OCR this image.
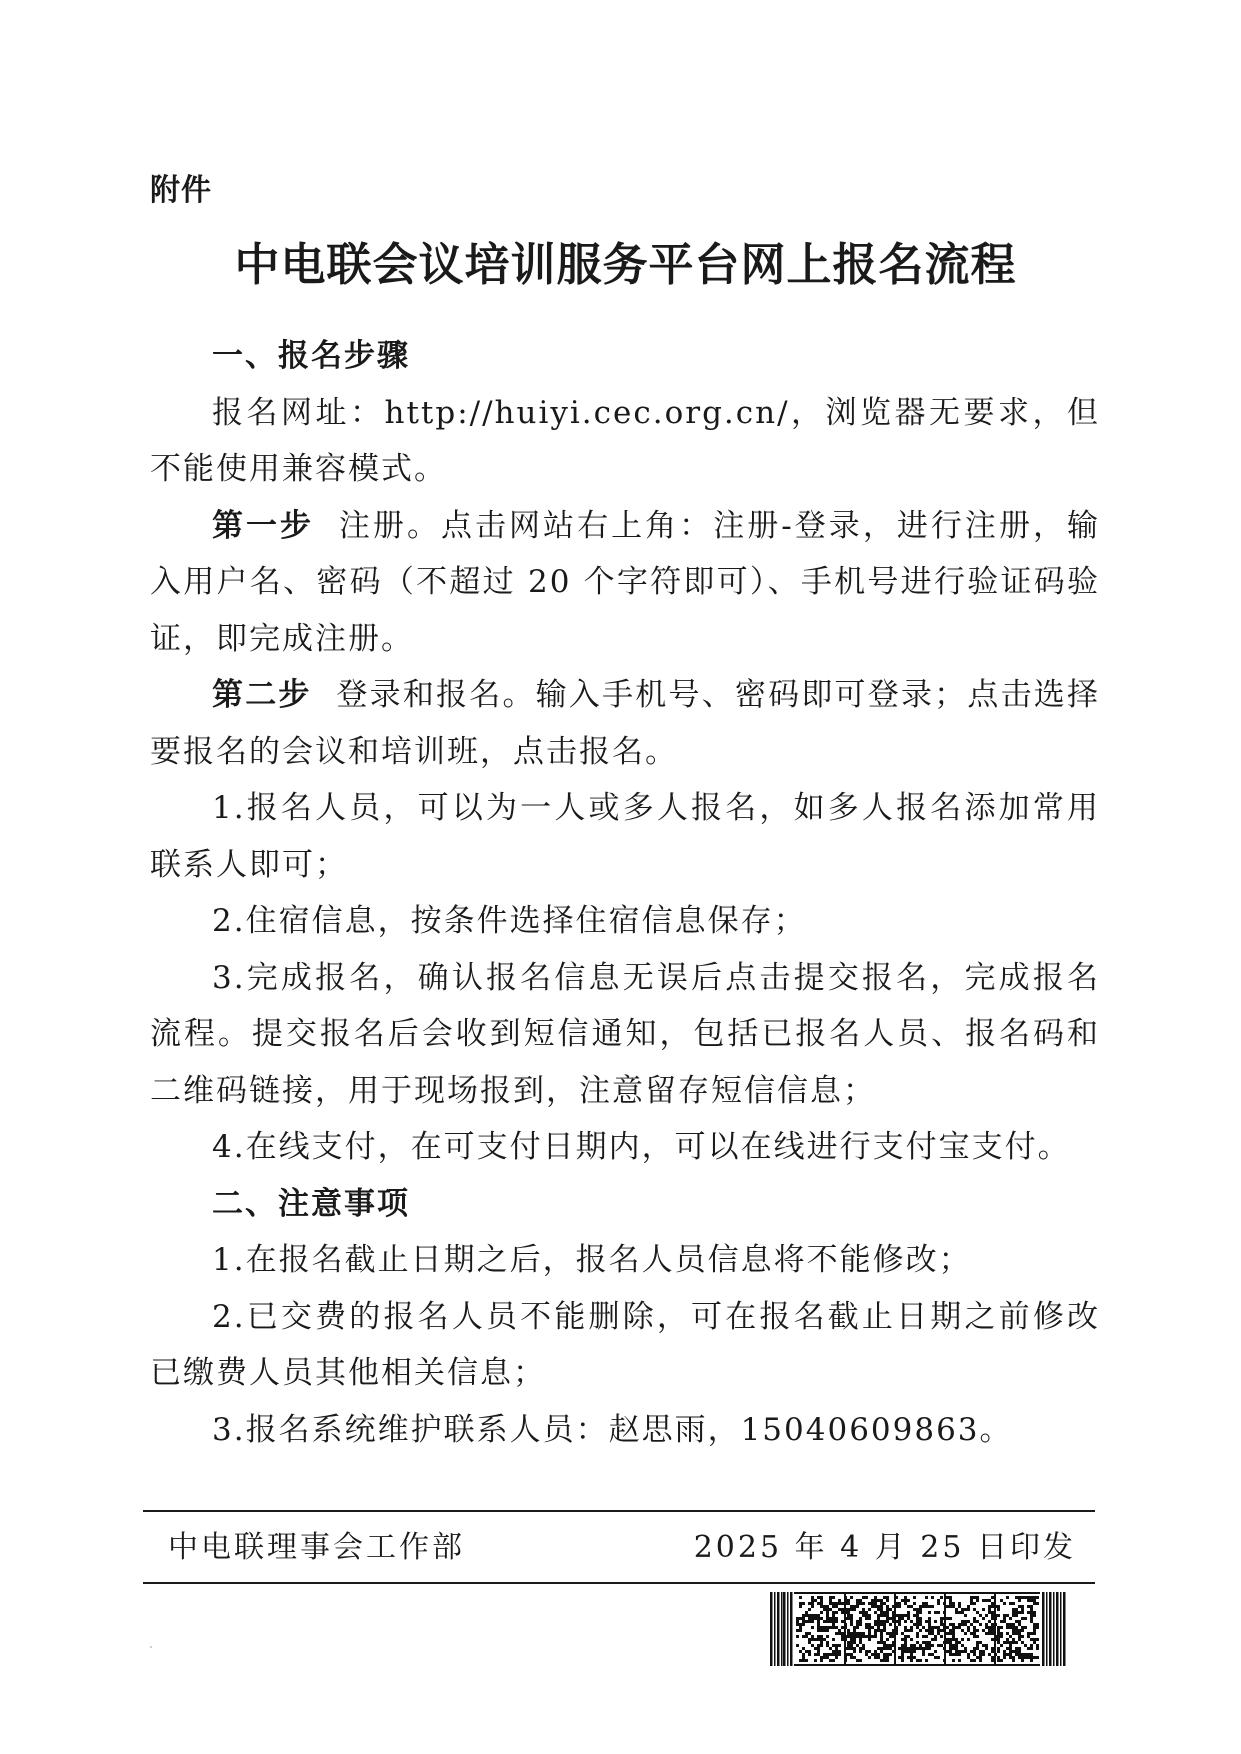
附件
中电联会议培训服务平台网上报名流程

一、报名步骤

报名网址：http://huiyi.cec.org.cn/，浏览器无要求，但不能使用兼容模式。

第一步 注册。点击网站右上角：注册-登录，进行注册，输入用户名、密码（不超过 20 个字符即可）、手机号进行验证码验证，即完成注册。

第二步 登录和报名。输入手机号、密码即可登录；点击选择要报名的会议和培训班，点击报名。

1.报名人员，可以为一人或多人报名，如多人报名添加常用联系人即可；

2.住宿信息，按条件选择住宿信息保存；

3.完成报名，确认报名信息无误后点击提交报名，完成报名流程。提交报名后会收到短信通知，包括已报名人员、报名码和二维码链接，用于现场报到，注意留存短信信息；

4.在线支付，在可支付日期内，可以在线进行支付宝支付。

二、注意事项

1.在报名截止日期之后，报名人员信息将不能修改；

2.已交费的报名人员不能删除，可在报名截止日期之前修改已缴费人员其他相关信息；

3.报名系统维护联系人员：赵思雨，15040609863。

中电联理事会工作部	2025 年 4 月 25 日印发
